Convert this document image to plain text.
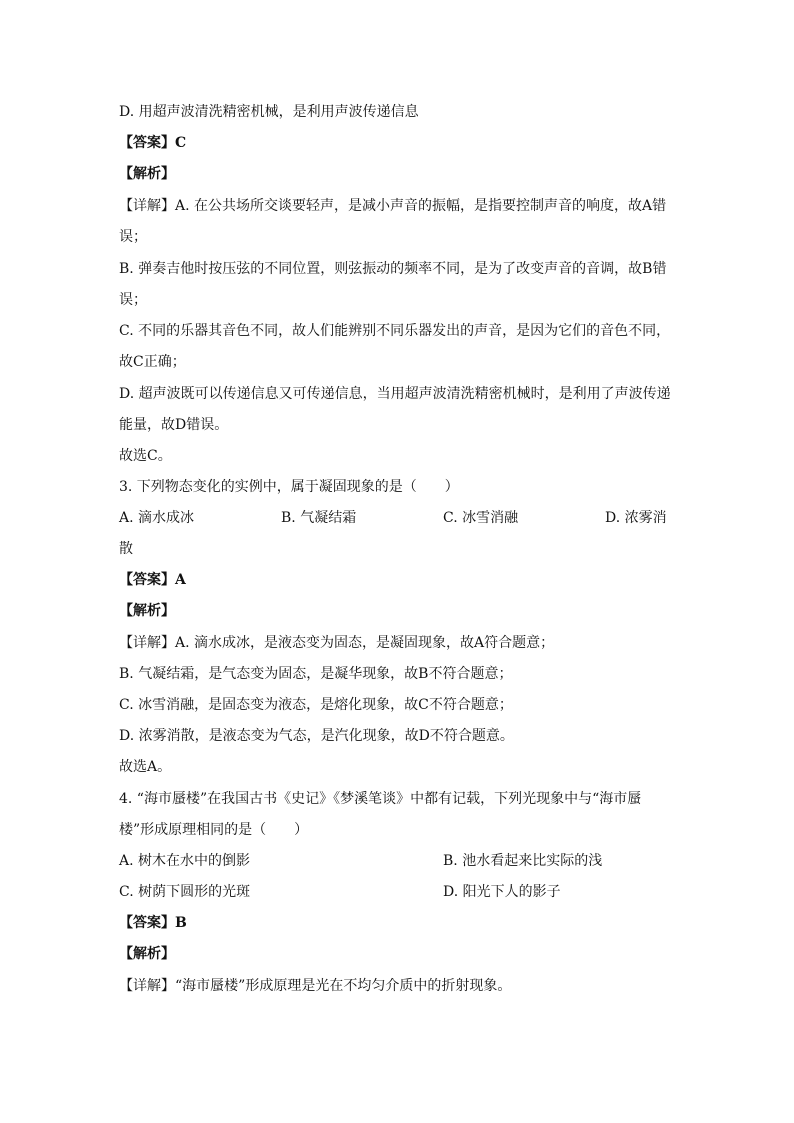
D. 用超声波清洗精密机械，是利用声波传递信息
【答案】C
【解析】
【详解】A. 在公共场所交谈要轻声，是减小声音的振幅，是指要控制声音的响度，故A错
误；
B. 弹奏吉他时按压弦的不同位置，则弦振动的频率不同，是为了改变声音的音调，故B错
误；
C. 不同的乐器其音色不同，故人们能辨别不同乐器发出的声音，是因为它们的音色不同，
故C正确；
D. 超声波既可以传递信息又可传递信息，当用超声波清洗精密机械时，是利用了声波传递
能量，故D错误。
故选C。
3. 下列物态变化的实例中，属于凝固现象的是（　　）
A. 滴水成冰	B. 气凝结霜	C. 冰雪消融	D. 浓雾消
散
【答案】A
【解析】
【详解】A. 滴水成冰，是液态变为固态，是凝固现象，故A符合题意；
B. 气凝结霜，是气态变为固态，是凝华现象，故B不符合题意；
C. 冰雪消融，是固态变为液态，是熔化现象，故C不符合题意；
D. 浓雾消散，是液态变为气态，是汽化现象，故D不符合题意。
故选A。
4. “海市蜃楼”在我国古书《史记》《梦溪笔谈》中都有记载，下列光现象中与“海市蜃
楼”形成原理相同的是（　　）
A. 树木在水中的倒影	B. 池水看起来比实际的浅
C. 树荫下圆形的光斑	D. 阳光下人的影子
【答案】B
【解析】
【详解】“海市蜃楼”形成原理是光在不均匀介质中的折射现象。
